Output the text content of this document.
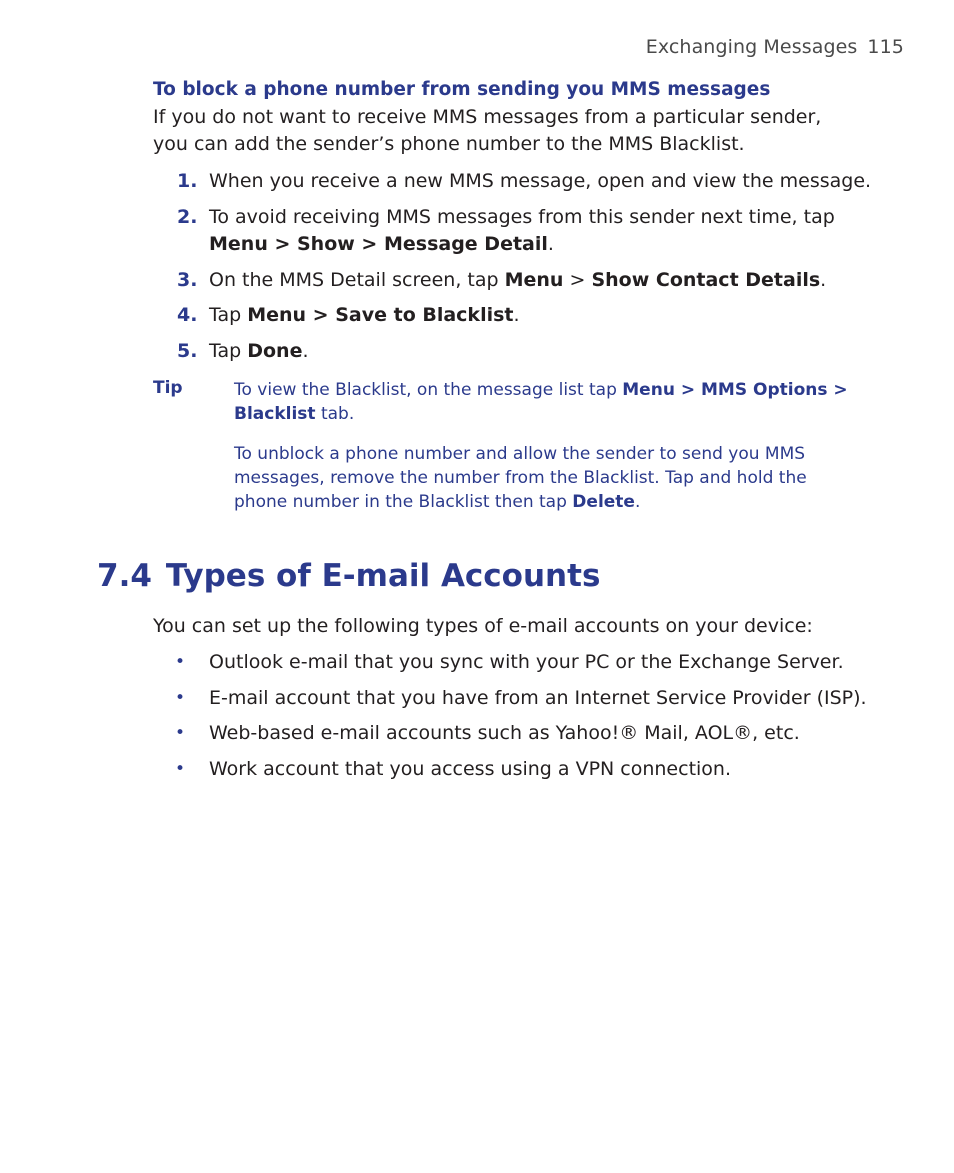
Exchanging Messages 115
To block a phone number from sending you MMS messages
If you do not want to receive MMS messages from a particular sender, you can add the sender’s phone number to the MMS Blacklist.
1. When you receive a new MMS message, open and view the message.
2. To avoid receiving MMS messages from this sender next time, tap Menu > Show > Message Detail.
3. On the MMS Detail screen, tap Menu > Show Contact Details.
4. Tap Menu > Save to Blacklist.
5. Tap Done.
Tip	To view the Blacklist, on the message list tap Menu > MMS Options > Blacklist tab.
To unblock a phone number and allow the sender to send you MMS messages, remove the number from the Blacklist. Tap and hold the phone number in the Blacklist then tap Delete.
7.4 Types of E-mail Accounts
You can set up the following types of e-mail accounts on your device:
• Outlook e-mail that you sync with your PC or the Exchange Server.
• E-mail account that you have from an Internet Service Provider (ISP).
• Web-based e-mail accounts such as Yahoo!® Mail, AOL®, etc.
• Work account that you access using a VPN connection.
